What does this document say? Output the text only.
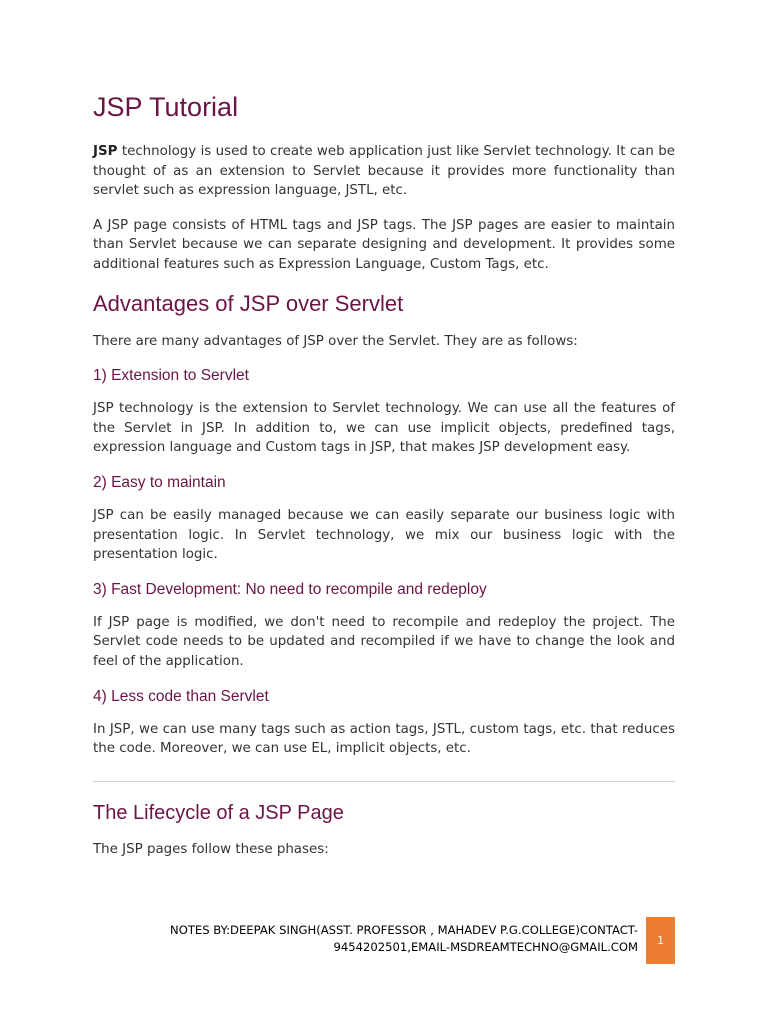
JSP Tutorial

JSP technology is used to create web application just like Servlet technology. It can be thought of as an extension to Servlet because it provides more functionality than servlet such as expression language, JSTL, etc.

A JSP page consists of HTML tags and JSP tags. The JSP pages are easier to maintain than Servlet because we can separate designing and development. It provides some additional features such as Expression Language, Custom Tags, etc.

Advantages of JSP over Servlet

There are many advantages of JSP over the Servlet. They are as follows:

1) Extension to Servlet

JSP technology is the extension to Servlet technology. We can use all the features of the Servlet in JSP. In addition to, we can use implicit objects, predefined tags, expression language and Custom tags in JSP, that makes JSP development easy.

2) Easy to maintain

JSP can be easily managed because we can easily separate our business logic with presentation logic. In Servlet technology, we mix our business logic with the presentation logic.

3) Fast Development: No need to recompile and redeploy

If JSP page is modified, we don't need to recompile and redeploy the project. The Servlet code needs to be updated and recompiled if we have to change the look and feel of the application.

4) Less code than Servlet

In JSP, we can use many tags such as action tags, JSTL, custom tags, etc. that reduces the code. Moreover, we can use EL, implicit objects, etc.

The Lifecycle of a JSP Page

The JSP pages follow these phases:

NOTES BY:DEEPAK SINGH(ASST. PROFESSOR , MAHADEV P.G.COLLEGE)CONTACT-
9454202501,EMAIL-MSDREAMTECHNO@GMAIL.COM 1
